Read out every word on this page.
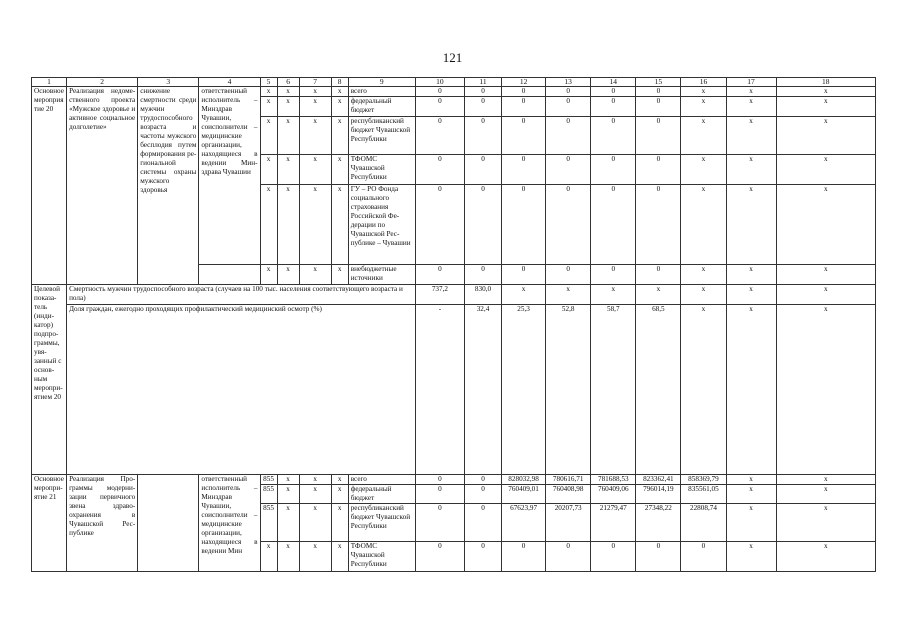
121
1	2	3	4	5	6	7	8	9	10	11	12	13	14	15	16	17	18
Основное мероприятие 20	Реализация недомественного проекта «Мужское здоровье и активное социальное долголетие»	снижение смертности среди мужчин трудоспособного возраста и частоты мужского бесплодия путем формирования региональной системы охраны мужского здоровья	ответственный исполнитель – Минздрав Чувашии, соисполнители – медицинские организации, находящиеся в ведении Минздрава Чувашии	х	х	х	х	всего	0	0	0	0	0	0	х	х	х
				х	х	х	х	федеральный бюджет	0	0	0	0	0	0	х	х	х
				х	х	х	х	республиканский бюджет Чувашской Республики	0	0	0	0	0	0	х	х	х
				х	х	х	х	ТФОМС Чувашской Республики	0	0	0	0	0	0	х	х	х
				х	х	х	х	ГУ – РО Фонда социального страхования Российской Федерации по Чувашской Республике – Чувашии	0	0	0	0	0	0	х	х	х
				х	х	х	х	внебюджетные источники	0	0	0	0	0	0	х	х	х
Целевой показатель (индикатор) подпрограммы, увязанный с основным мероприятием 20	Смертность мужчин трудоспособного возраста (случаев на 100 тыс. населения соответствующего возраста и пола)								737,2	830,0	х	х	х	х	х	х	х
	Доля граждан, ежегодно проходящих профилактический медицинский осмотр (%)								-	32,4	25,3	52,8	58,7	68,5	х	х	х
Основное мероприятие 21	Реализация Программы модернизации первичного звена здравоохранения в Чувашской Республике		ответственный исполнитель – Минздрав Чувашии, соисполнители – медицинские организации, находящиеся в ведении Мин	855	х	х	х	всего	0	0	828032,98	780616,71	781688,53	823362,41	858369,79	х	х
				855	х	х	х	федеральный бюджет	0	0	760409,01	760408,98	760409,06	796014,19	835561,05	х	х
				855	х	х	х	республиканский бюджет Чувашской Республики	0	0	67623,97	20207,73	21279,47	27348,22	22808,74	х	х
				х	х	х	х	ТФОМС Чувашской Республики	0	0	0	0	0	0	0	х	х
